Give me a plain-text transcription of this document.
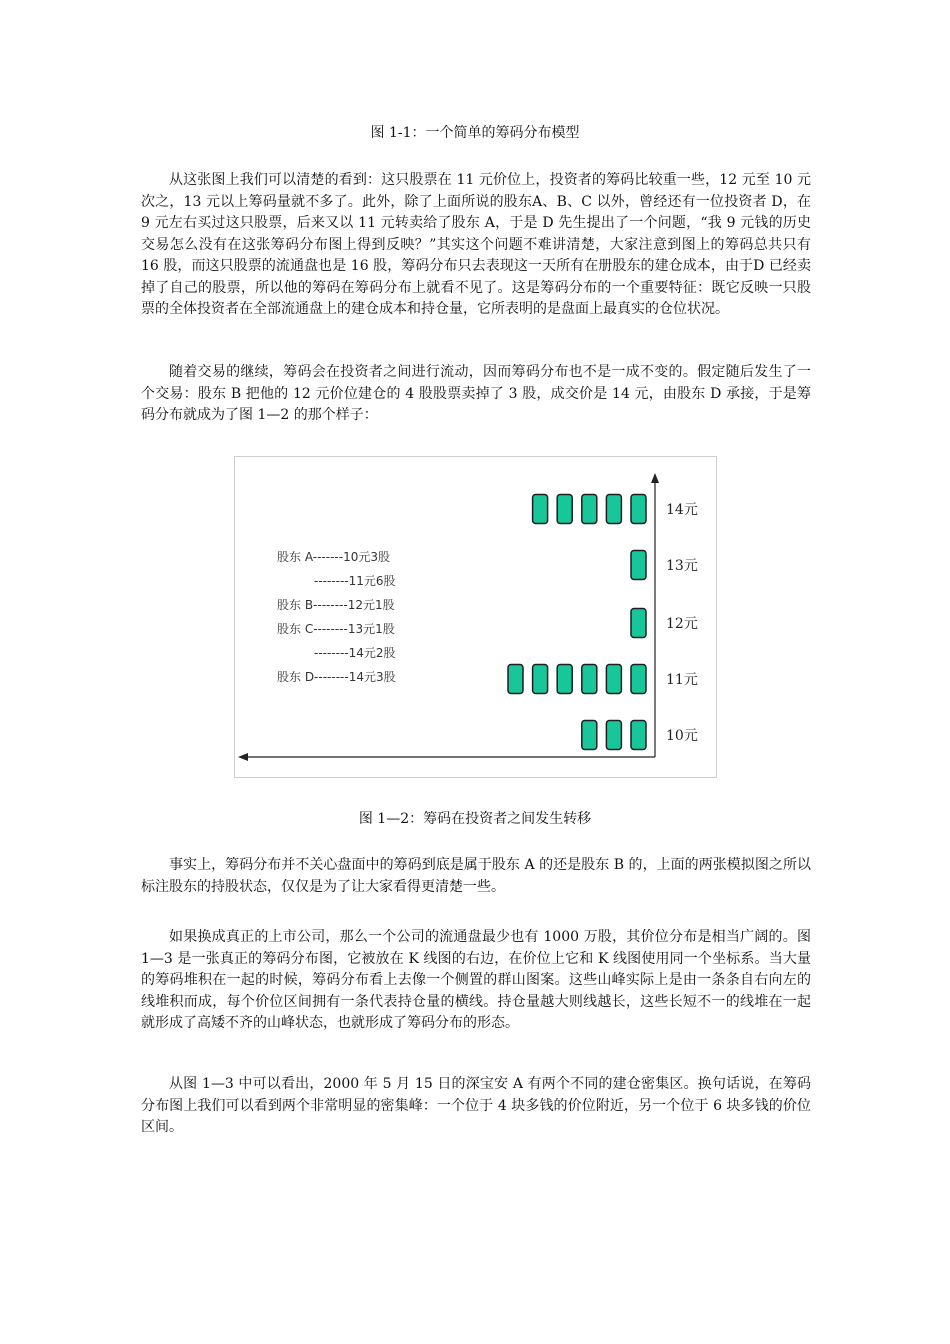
图 1-1：一个简单的筹码分布模型

从这张图上我们可以清楚的看到：这只股票在 11 元价位上，投资者的筹码比较重一些，12 元至 10 元次之，13 元以上筹码量就不多了。此外，除了上面所说的股东A、B、C 以外，曾经还有一位投资者 D，在 9 元左右买过这只股票，后来又以 11 元转卖给了股东 A，于是 D 先生提出了一个问题，“我 9 元钱的历史交易怎么没有在这张筹码分布图上得到反映？”其实这个问题不难讲清楚，大家注意到图上的筹码总共只有 16 股，而这只股票的流通盘也是 16 股，筹码分布只去表现这一天所有在册股东的建仓成本，由于D 已经卖掉了自己的股票，所以他的筹码在筹码分布上就看不见了。这是筹码分布的一个重要特征：既它反映一只股票的全体投资者在全部流通盘上的建仓成本和持仓量，它所表明的是盘面上最真实的仓位状况。

随着交易的继续，筹码会在投资者之间进行流动，因而筹码分布也不是一成不变的。假定随后发生了一个交易：股东 B 把他的 12 元价位建仓的 4 股股票卖掉了 3 股，成交价是 14 元，由股东 D 承接，于是筹码分布就成为了图 1—2 的那个样子：

14元
13元
12元
11元
10元
股东 A-------10元3股
--------11元6股
股东 B--------12元1股
股东 C--------13元1股
--------14元2股
股东 D--------14元3股
图 1—2：筹码在投资者之间发生转移

事实上，筹码分布并不关心盘面中的筹码到底是属于股东 A 的还是股东 B 的，上面的两张模拟图之所以标注股东的持股状态，仅仅是为了让大家看得更清楚一些。

如果换成真正的上市公司，那么一个公司的流通盘最少也有 1000 万股，其价位分布是相当广阔的。图 1—3 是一张真正的筹码分布图，它被放在 K 线图的右边，在价位上它和 K 线图使用同一个坐标系。当大量的筹码堆积在一起的时候，筹码分布看上去像一个侧置的群山图案。这些山峰实际上是由一条条自右向左的线堆积而成，每个价位区间拥有一条代表持仓量的横线。持仓量越大则线越长，这些长短不一的线堆在一起就形成了高矮不齐的山峰状态，也就形成了筹码分布的形态。

从图 1—3 中可以看出，2000 年 5 月 15 日的深宝安 A 有两个不同的建仓密集区。换句话说，在筹码分布图上我们可以看到两个非常明显的密集峰：一个位于 4 块多钱的价位附近，另一个位于 6 块多钱的价位区间。
